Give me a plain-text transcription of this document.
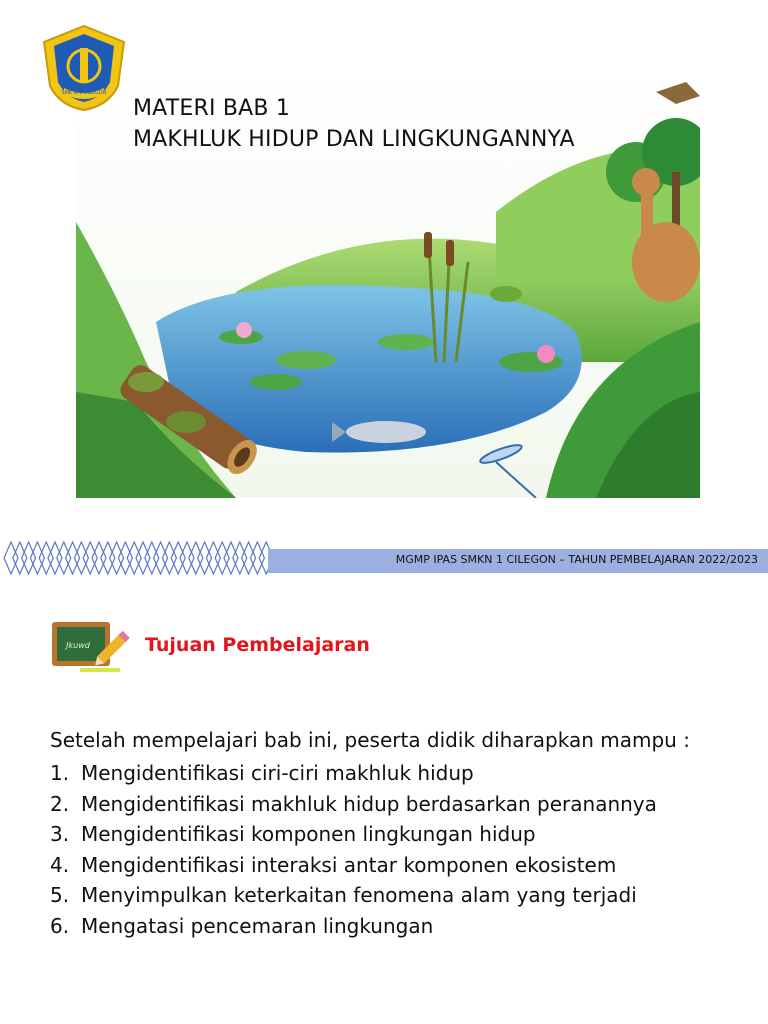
SMK N 1 CILEGON
MATERI BAB 1
MAKHLUK HIDUP DAN LINGKUNGANNYA
MGMP IPAS SMKN 1 CILEGON – TAHUN PEMBELAJARAN 2022/2023
Jkuwd	Tujuan Pembelajaran
Setelah mempelajari bab ini, peserta didik diharapkan mampu :
1. Mengidentifikasi ciri-ciri makhluk hidup
2. Mengidentifikasi makhluk hidup berdasarkan peranannya
3. Mengidentifikasi komponen lingkungan hidup
4. Mengidentifikasi interaksi antar komponen ekosistem
5. Menyimpulkan keterkaitan fenomena alam yang terjadi
6. Mengatasi pencemaran lingkungan
